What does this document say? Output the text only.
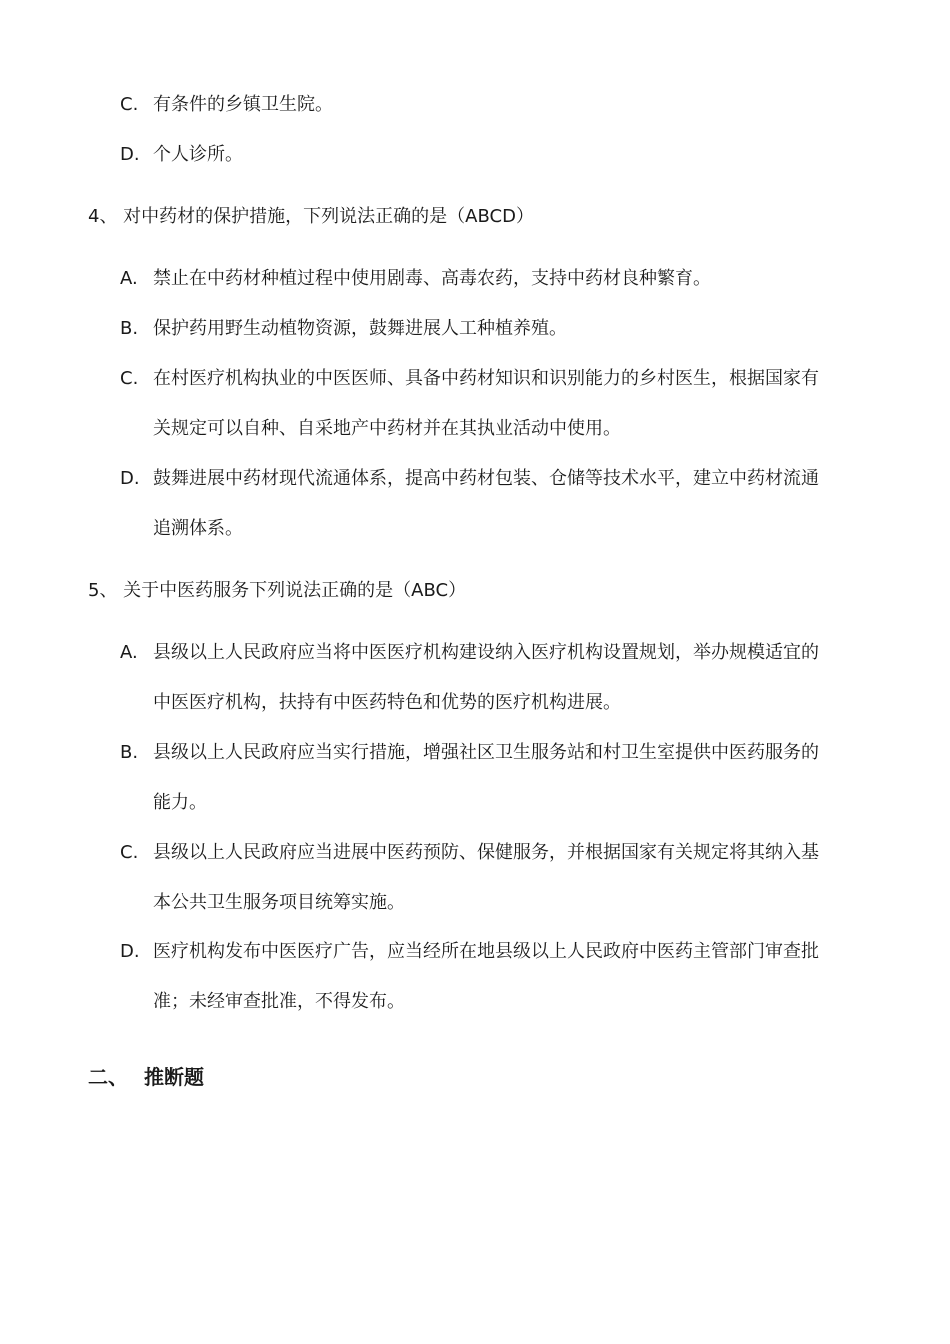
C. 有条件的乡镇卫生院。
D. 个人诊所。
4、 对中药材的保护措施，下列说法正确的是（ABCD）
A. 禁止在中药材种植过程中使用剧毒、高毒农药，支持中药材良种繁育。
B. 保护药用野生动植物资源，鼓舞进展人工种植养殖。
C. 在村医疗机构执业的中医医师、具备中药材知识和识别能力的乡村医生，根据国家有
关规定可以自种、自采地产中药材并在其执业活动中使用。
D. 鼓舞进展中药材现代流通体系，提高中药材包装、仓储等技术水平，建立中药材流通
追溯体系。
5、 关于中医药服务下列说法正确的是（ABC）
A. 县级以上人民政府应当将中医医疗机构建设纳入医疗机构设置规划，举办规模适宜的
中医医疗机构，扶持有中医药特色和优势的医疗机构进展。
B. 县级以上人民政府应当实行措施，增强社区卫生服务站和村卫生室提供中医药服务的
能力。
C. 县级以上人民政府应当进展中医药预防、保健服务，并根据国家有关规定将其纳入基
本公共卫生服务项目统筹实施。
D. 医疗机构发布中医医疗广告，应当经所在地县级以上人民政府中医药主管部门审查批
准；未经审查批准，不得发布。
二、 推断题
